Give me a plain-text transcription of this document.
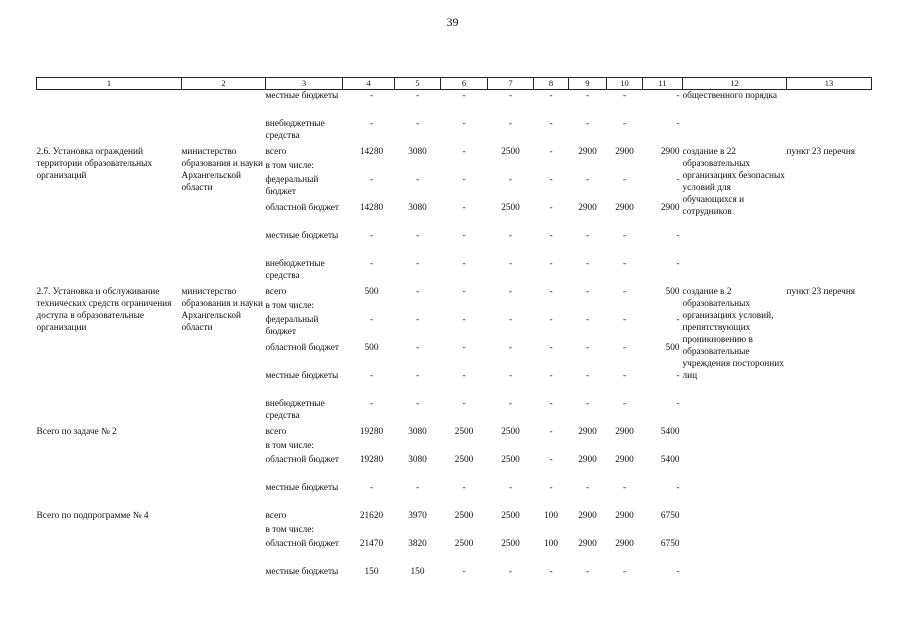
39
1	2	3	4	5	6	7	8	9	10	11	12	13
		местные бюджеты	-	-	-	-	-	-	-	-	общественного порядка	
		внебюджетные средства	-	-	-	-	-	-	-	-		
2.6. Установка ограждений территории образовательных организаций	министерство образования и науки Архангельской области	всего	14280	3080	-	2500	-	2900	2900	2900	создание в 22 образовательных организациях безопасных условий для обучающихся и сотрудников	пункт 23 перечня
		в том числе:										
		федеральный бюджет	-	-	-	-	-	-	-	-		
		областной бюджет	14280	3080	-	2500	-	2900	2900	2900		
		местные бюджеты	-	-	-	-	-	-	-	-		
		внебюджетные средства	-	-	-	-	-	-	-	-		
2.7. Установка и обслуживание технических средств ограничения доступа в образовательные организации	министерство образования и науки Архангельской области	всего	500	-	-	-	-	-	-	500	создание в 2 образовательных организациях условий, препятствующих проникновению в образовательные учреждения посторонних лиц	пункт 23 перечня
		в том числе:										
		федеральный бюджет	-	-	-	-	-	-	-	-		
		областной бюджет	500	-	-	-	-	-	-	500		
		местные бюджеты	-	-	-	-	-	-	-	-		
		внебюджетные средства	-	-	-	-	-	-	-	-		
Всего по задаче № 2		всего	19280	3080	2500	2500	-	2900	2900	5400		
		в том числе:										
		областной бюджет	19280	3080	2500	2500	-	2900	2900	5400		
		местные бюджеты	-	-	-	-	-	-	-	-		
Всего по подпрограмме № 4		всего	21620	3970	2500	2500	100	2900	2900	6750		
		в том числе:										
		областной бюджет	21470	3820	2500	2500	100	2900	2900	6750		
		местные бюджеты	150	150	-	-	-	-	-	-		
